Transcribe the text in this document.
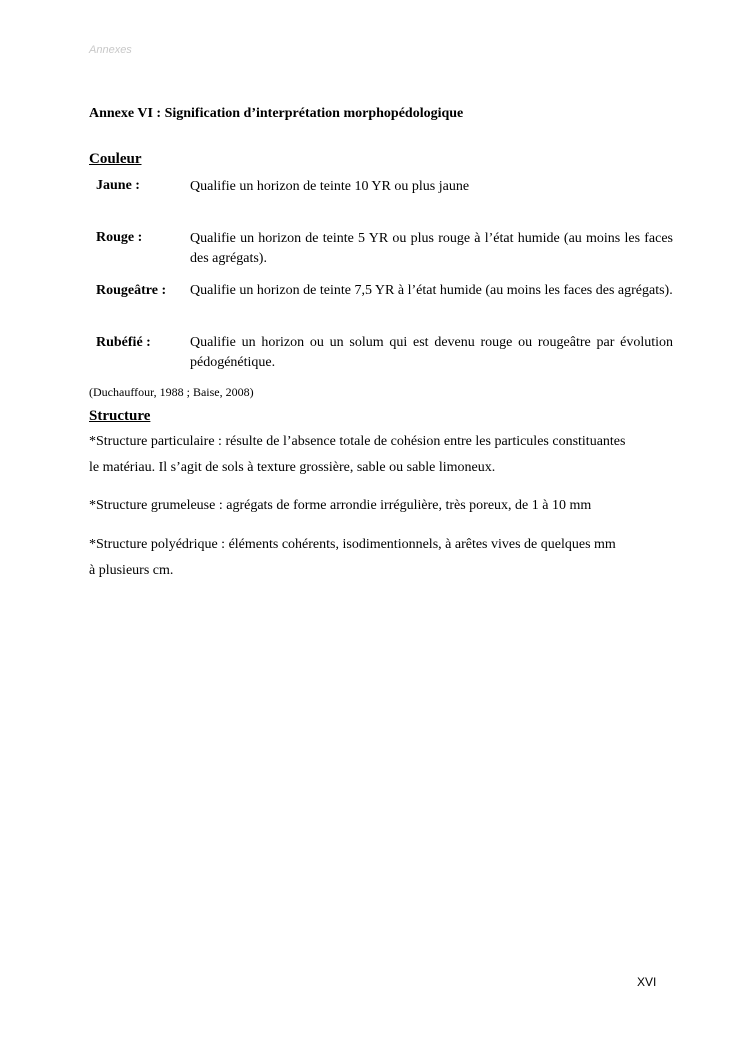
Annexes
Annexe VI : Signification d’interprétation morphopédologique
Couleur
Jaune :	Qualifie un horizon de teinte 10 YR ou plus jaune
Rouge :	Qualifie un horizon de teinte 5 YR ou plus rouge à l’état humide (au moins les faces des agrégats).
Rougeâtre : Qualifie un horizon de teinte 7,5 YR à l’état humide (au moins les faces des agrégats).
Rubéfié :	Qualifie un horizon ou un solum qui est devenu rouge ou rougeâtre par évolution pédogénétique.
(Duchauffour, 1988 ; Baise, 2008)
Structure
*Structure particulaire : résulte de l’absence totale de cohésion entre les particules constituantes
le matériau. Il s’agit de sols à texture grossière, sable ou sable limoneux.
*Structure grumeleuse : agrégats de forme arrondie irrégulière, très poreux, de 1 à 10 mm
*Structure polyédrique : éléments cohérents, isodimentionnels, à arêtes vives de quelques mm
à plusieurs cm.
XVI
